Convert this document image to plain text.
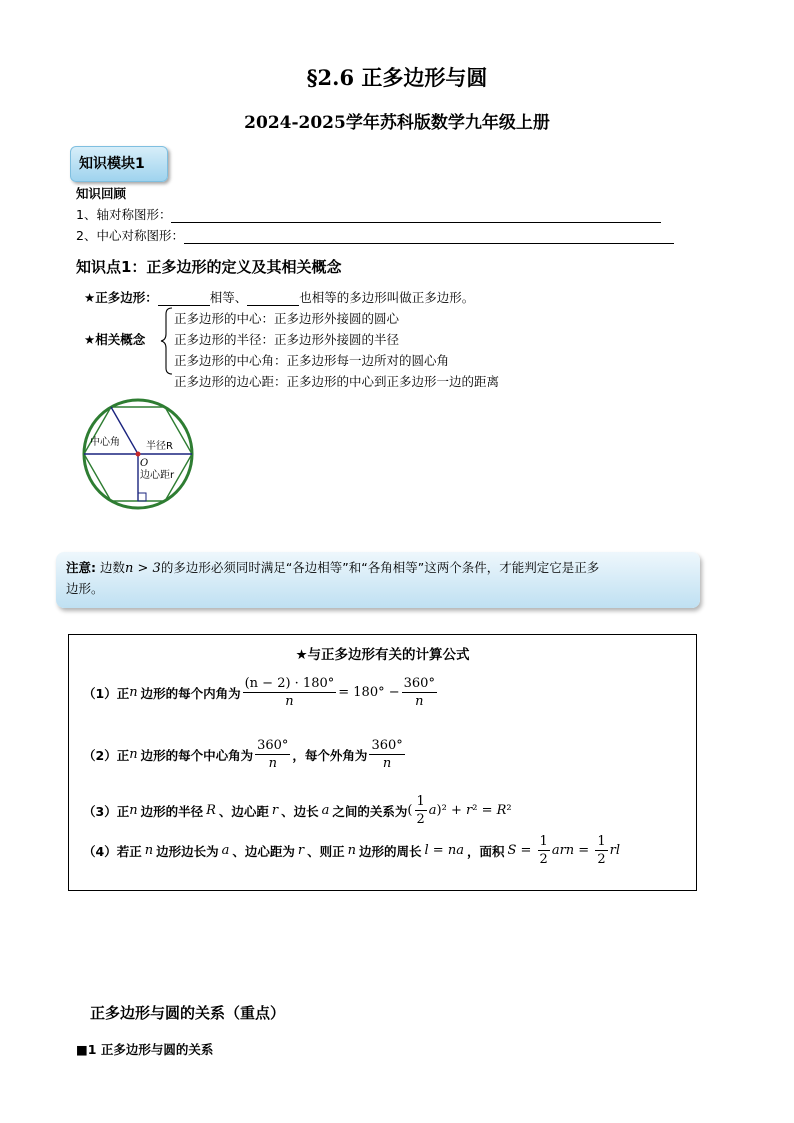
§2.6 正多边形与圆
2024-2025学年苏科版数学九年级上册
知识模块1
知识回顾
1、轴对称图形：
2、中心对称图形：
知识点1：正多边形的定义及其相关概念
★正多边形：	相等、	也相等的多边形叫做正多边形。
★相关概念
正多边形的中心：正多边形外接圆的圆心
正多边形的半径：正多边形外接圆的半径
正多边形的中心角：正多边形每一边所对的圆心角
正多边形的边心距：正多边形的中心到正多边形一边的距离
中心角	半径R
O
边心距r
注意: 边数n > 3的多边形必须同时满足“各边相等”和“各角相等”这两个条件，才能判定它是正多
边形。
★与正多边形有关的计算公式
（1）正 n 边形的每个内角为 $\frac{(n - 2) \cdot 180^\circ}{n} = 180^\circ - \frac{360^\circ}{n}$
（2）正 n 边形的每个中心角为 $\frac{360^\circ}{n}$ ，每个外角为 $\frac{360^\circ}{n}$
（3）正 n 边形的半径 R 、边心距 r 、边长 a 之间的关系为 ( $\frac{1}{2}$ a )² + r ² = R ²
（4）若正 n 边形边长为 a 、边心距为 r 、则正 n 边形的周长 l = na ，面积 $S = \frac{1}{2}$ arn = $\frac{1}{2}$ rl
正多边形与圆的关系（重点）
■1 正多边形与圆的关系
